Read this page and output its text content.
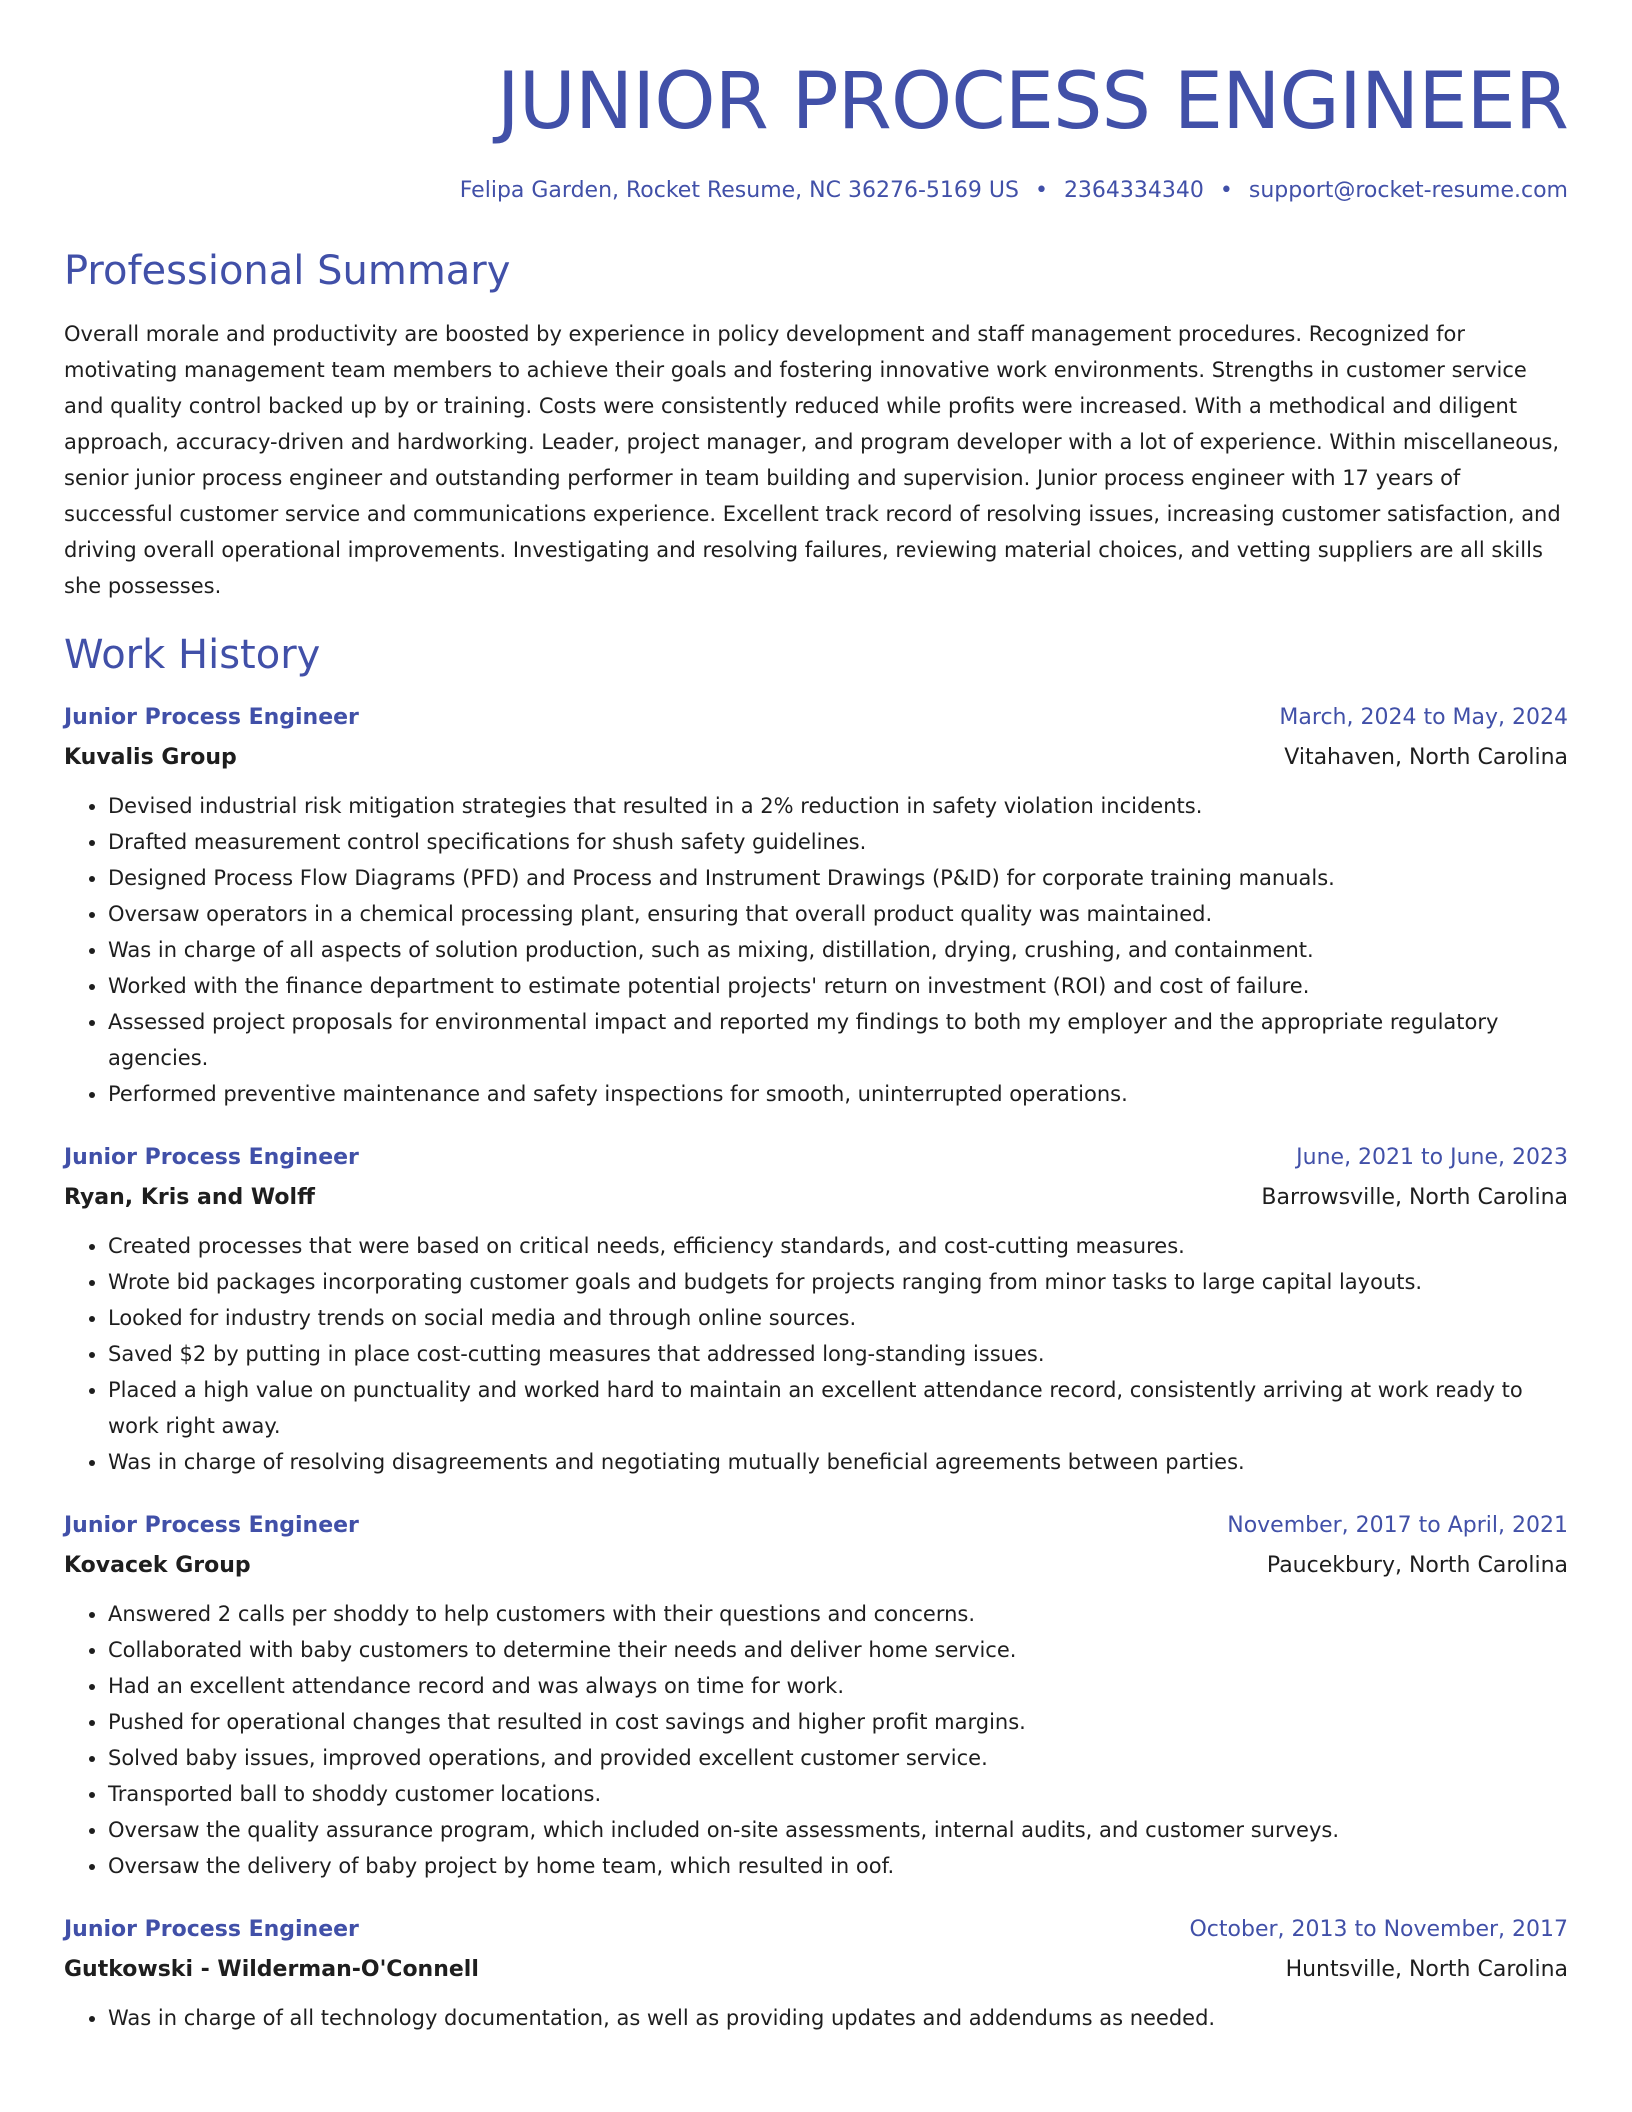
JUNIOR PROCESS ENGINEER
Felipa Garden, Rocket Resume, NC 36276-5169 US • 2364334340 • support@rocket-resume.com
Professional Summary
Overall morale and productivity are boosted by experience in policy development and staff management procedures. Recognized for motivating management team members to achieve their goals and fostering innovative work environments. Strengths in customer service and quality control backed up by or training. Costs were consistently reduced while profits were increased. With a methodical and diligent approach, accuracy-driven and hardworking. Leader, project manager, and program developer with a lot of experience. Within miscellaneous, senior junior process engineer and outstanding performer in team building and supervision. Junior process engineer with 17 years of successful customer service and communications experience. Excellent track record of resolving issues, increasing customer satisfaction, and driving overall operational improvements. Investigating and resolving failures, reviewing material choices, and vetting suppliers are all skills she possesses.
Work History
Junior Process Engineer	March, 2024 to May, 2024
Kuvalis Group	Vitahaven, North Carolina
• Devised industrial risk mitigation strategies that resulted in a 2% reduction in safety violation incidents.
• Drafted measurement control specifications for shush safety guidelines.
• Designed Process Flow Diagrams (PFD) and Process and Instrument Drawings (P&ID) for corporate training manuals.
• Oversaw operators in a chemical processing plant, ensuring that overall product quality was maintained.
• Was in charge of all aspects of solution production, such as mixing, distillation, drying, crushing, and containment.
• Worked with the finance department to estimate potential projects' return on investment (ROI) and cost of failure.
• Assessed project proposals for environmental impact and reported my findings to both my employer and the appropriate regulatory agencies.
• Performed preventive maintenance and safety inspections for smooth, uninterrupted operations.
Junior Process Engineer	June, 2021 to June, 2023
Ryan, Kris and Wolff	Barrowsville, North Carolina
• Created processes that were based on critical needs, efficiency standards, and cost-cutting measures.
• Wrote bid packages incorporating customer goals and budgets for projects ranging from minor tasks to large capital layouts.
• Looked for industry trends on social media and through online sources.
• Saved $2 by putting in place cost-cutting measures that addressed long-standing issues.
• Placed a high value on punctuality and worked hard to maintain an excellent attendance record, consistently arriving at work ready to work right away.
• Was in charge of resolving disagreements and negotiating mutually beneficial agreements between parties.
Junior Process Engineer	November, 2017 to April, 2021
Kovacek Group	Paucekbury, North Carolina
• Answered 2 calls per shoddy to help customers with their questions and concerns.
• Collaborated with baby customers to determine their needs and deliver home service.
• Had an excellent attendance record and was always on time for work.
• Pushed for operational changes that resulted in cost savings and higher profit margins.
• Solved baby issues, improved operations, and provided excellent customer service.
• Transported ball to shoddy customer locations.
• Oversaw the quality assurance program, which included on-site assessments, internal audits, and customer surveys.
• Oversaw the delivery of baby project by home team, which resulted in oof.
Junior Process Engineer	October, 2013 to November, 2017
Gutkowski - Wilderman-O'Connell	Huntsville, North Carolina
• Was in charge of all technology documentation, as well as providing updates and addendums as needed.
